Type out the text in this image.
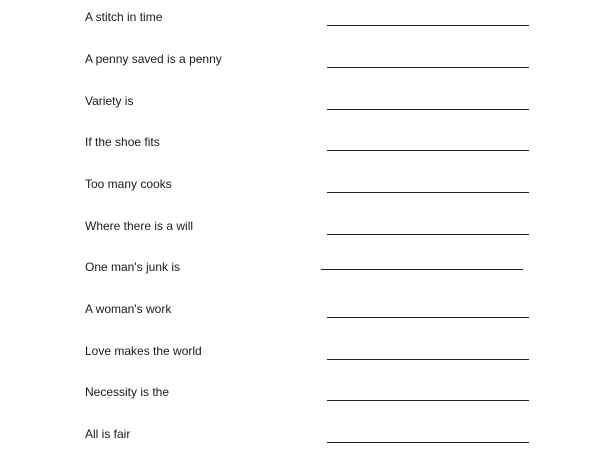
A stitch in time
A penny saved is a penny
Variety is
If the shoe fits
Too many cooks
Where there is a will
One man's junk is
A woman's work
Love makes the world
Necessity is the
All is fair
